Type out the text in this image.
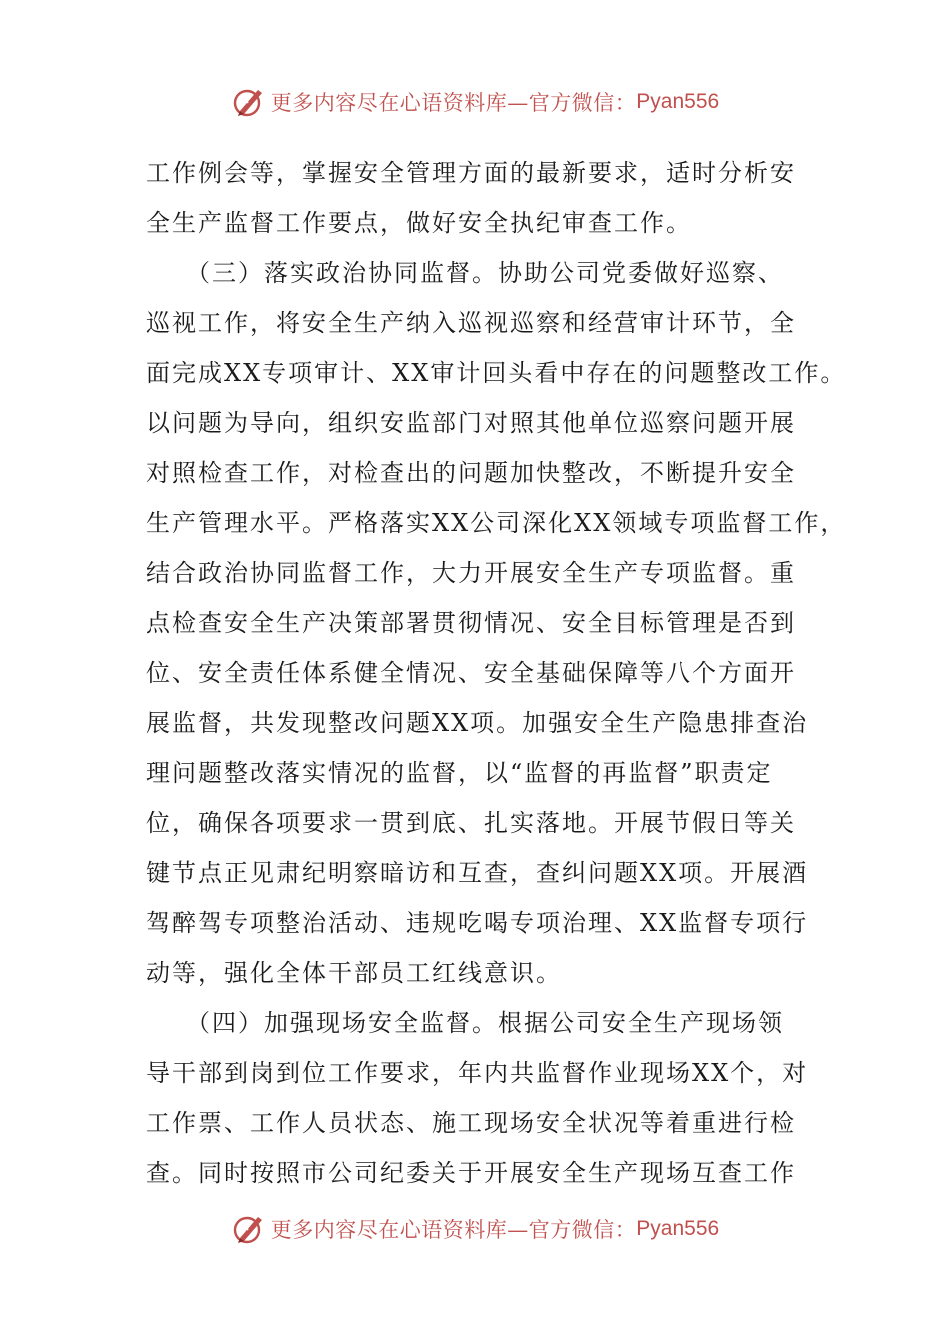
更多内容尽在心语资料库—官方微信： Pyan556
工作例会等，掌握安全管理方面的最新要求，适时分析安
全生产监督工作要点，做好安全执纪审查工作。
　　（三）落实政治协同监督。协助公司党委做好巡察、
巡视工作，将安全生产纳入巡视巡察和经营审计环节，全
面完成XX专项审计、XX审计回头看中存在的问题整改工作。
以问题为导向，组织安监部门对照其他单位巡察问题开展
对照检查工作，对检查出的问题加快整改，不断提升安全
生产管理水平。严格落实XX公司深化XX领域专项监督工作，
结合政治协同监督工作，大力开展安全生产专项监督。重
点检查安全生产决策部署贯彻情况、安全目标管理是否到
位、安全责任体系健全情况、安全基础保障等八个方面开
展监督，共发现整改问题XX项。加强安全生产隐患排查治
理问题整改落实情况的监督，以“监督的再监督”职责定
位，确保各项要求一贯到底、扎实落地。开展节假日等关
键节点正见肃纪明察暗访和互查，查纠问题XX项。开展酒
驾醉驾专项整治活动、违规吃喝专项治理、XX监督专项行
动等，强化全体干部员工红线意识。
　　（四）加强现场安全监督。根据公司安全生产现场领
导干部到岗到位工作要求，年内共监督作业现场XX个，对
工作票、工作人员状态、施工现场安全状况等着重进行检
查。同时按照市公司纪委关于开展安全生产现场互查工作
更多内容尽在心语资料库—官方微信： Pyan556
